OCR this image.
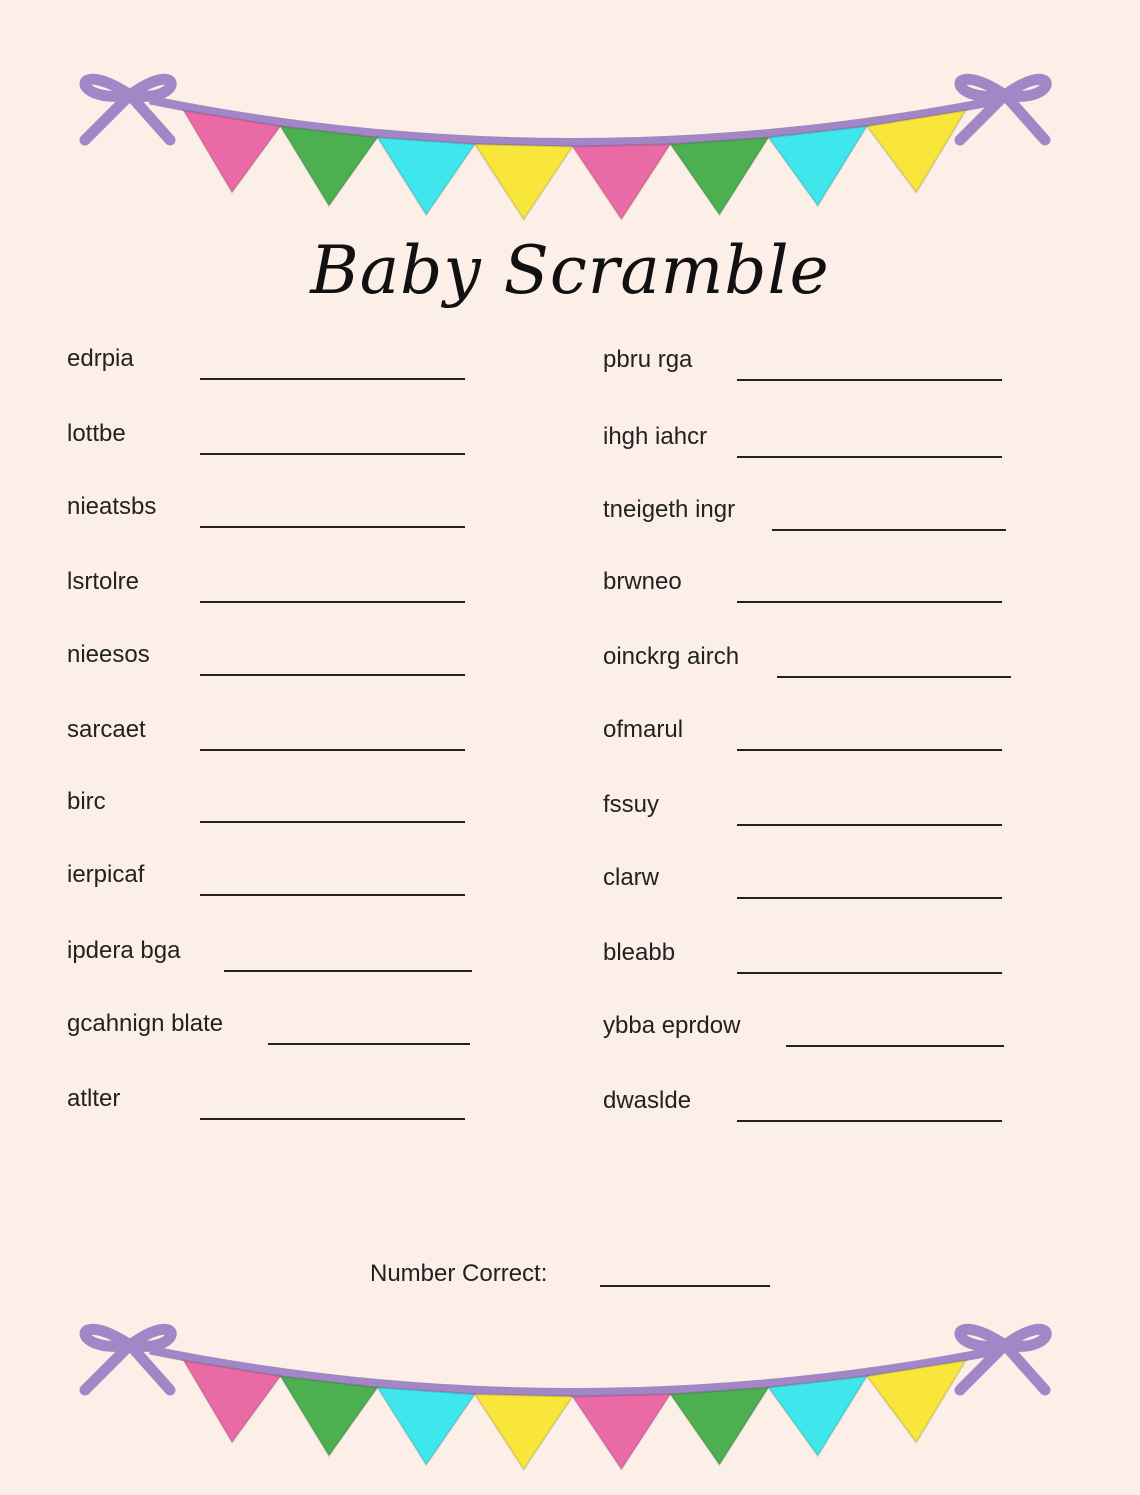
Baby Scramble
edrpia
lottbe
nieatsbs
lsrtolre
nieesos
sarcaet
birc
ierpicaf
ipdera bga
gcahnign blate
atlter
pbru rga
ihgh iahcr
tneigeth ingr
brwneo
oinckrg airch
ofmarul
fssuy
clarw
bleabb
ybba eprdow
dwaslde
Number Correct:
